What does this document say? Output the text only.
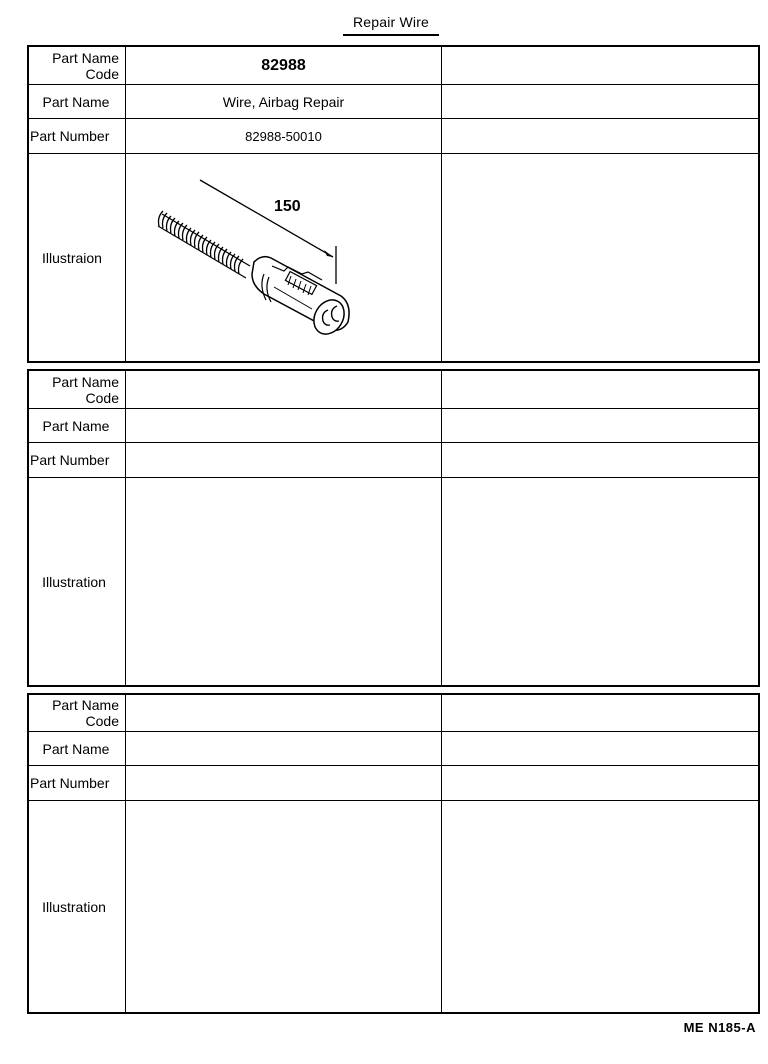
Repair Wire
Part Name
Code	82988
Part Name	Wire, Airbag Repair
Part Number	82988-50010
Illustraion
150
Part Name
Code
Part Name
Part Number
Illustration
Part Name
Code
Part Name
Part Number
Illustration
ME N185-A
